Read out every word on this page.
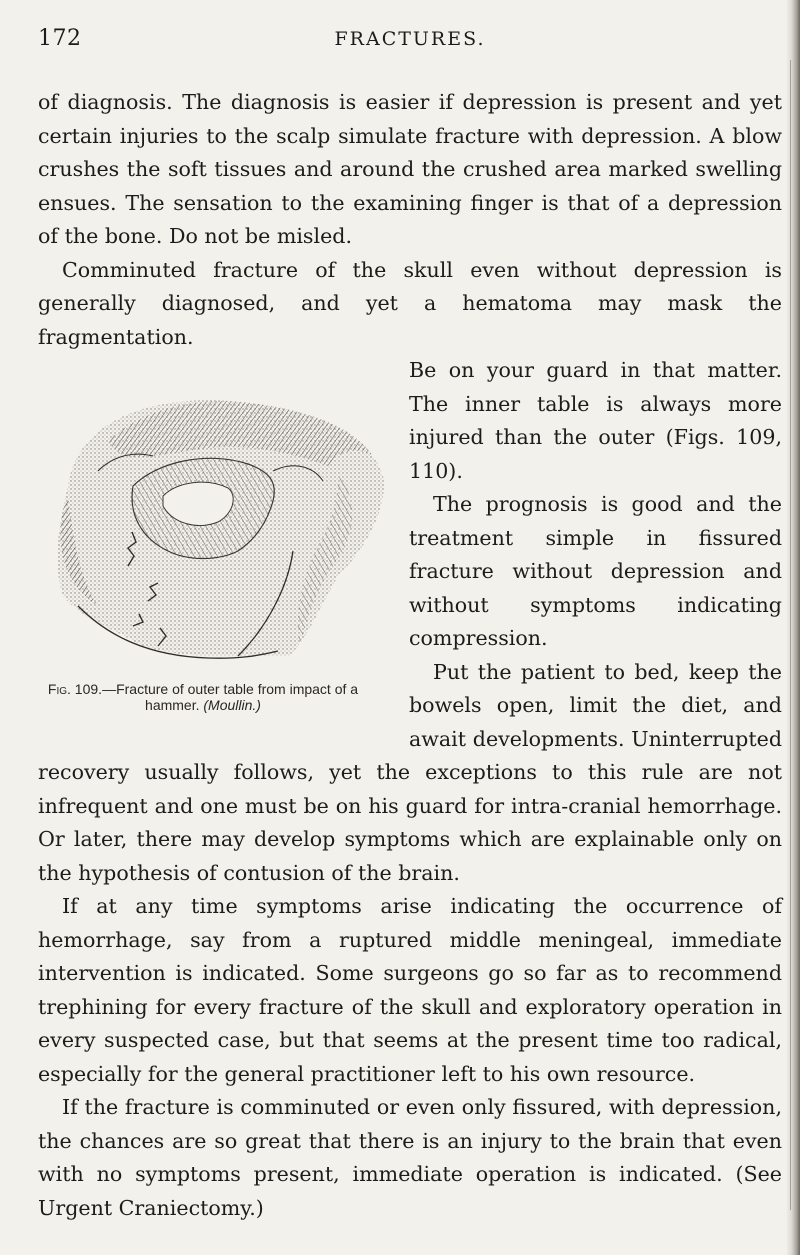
172	FRACTURES.

of diagnosis. The diagnosis is easier if depression is present and yet certain injuries to the scalp simulate fracture with depression. A blow crushes the soft tissues and around the crushed area marked swelling ensues. The sensation to the examining finger is that of a depression of the bone. Do not be misled.

Comminuted fracture of the skull even without depression is generally diagnosed, and yet a hematoma may mask the fragmentation.

Fig. 109.—Fracture of outer table from impact of a hammer. (Moullin.)

Be on your guard in that matter. The inner table is always more injured than the outer (Figs. 109, 110).

The prognosis is good and the treatment simple in fissured fracture without depression and without symptoms indicating compression.

Put the patient to bed, keep the bowels open, limit the diet, and await developments. Uninterrupted recovery usually follows, yet the exceptions to this rule are not infrequent and one must be on his guard for intra-cranial hemorrhage. Or later, there may develop symptoms which are explainable only on the hypothesis of contusion of the brain.

If at any time symptoms arise indicating the occurrence of hemorrhage, say from a ruptured middle meningeal, immediate intervention is indicated. Some surgeons go so far as to recommend trephining for every fracture of the skull and exploratory operation in every suspected case, but that seems at the present time too radical, especially for the general practitioner left to his own resource.

If the fracture is comminuted or even only fissured, with depression, the chances are so great that there is an injury to the brain that even with no symptoms present, immediate operation is indicated. (See Urgent Craniectomy.)
